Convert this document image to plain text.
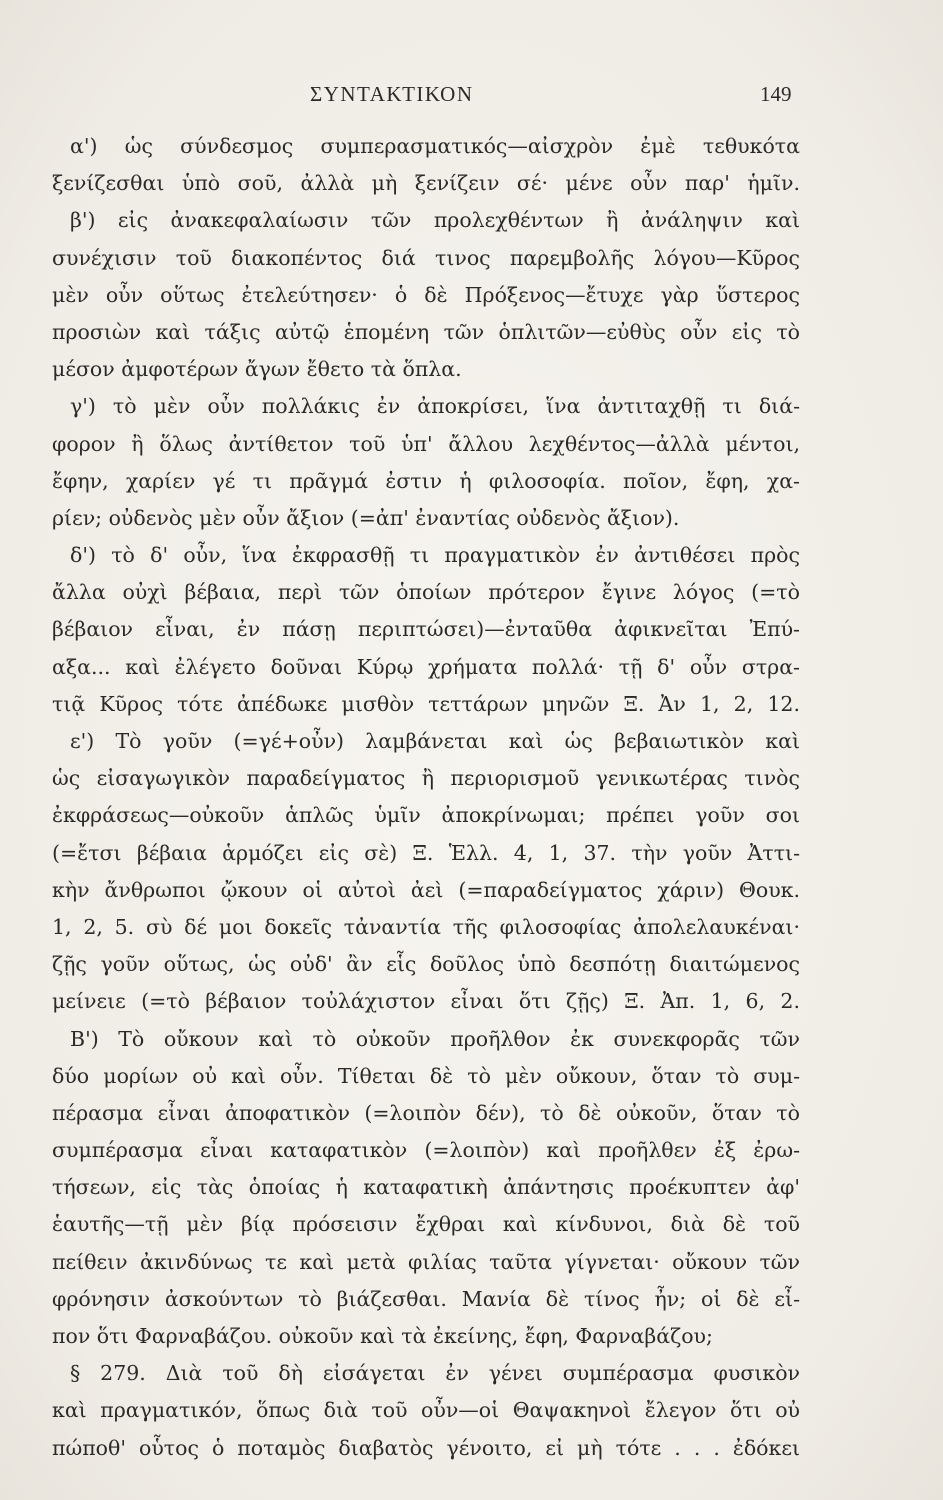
ΣΥΝΤΑΚΤΙΚΟΝ	149
α') ὡς σύνδεσμος συμπερασματικός—αἰσχρὸν ἐμὲ τεθυκότα
ξενίζεσθαι ὑπὸ σοῦ, ἀλλὰ μὴ ξενίζειν σέ· μένε οὖν παρ' ἡμῖν.
β') εἰς ἀνακεφαλαίωσιν τῶν προλεχθέντων ἢ ἀνάληψιν καὶ
συνέχισιν τοῦ διακοπέντος διά τινος παρεμβολῆς λόγου—Κῦρος
μὲν οὖν οὕτως ἐτελεύτησεν· ὁ δὲ Πρόξενος—ἔτυχε γὰρ ὕστερος
προσιὼν καὶ τάξις αὐτῷ ἑπομένη τῶν ὁπλιτῶν—εὐθὺς οὖν εἰς τὸ
μέσον ἀμφοτέρων ἄγων ἔθετο τὰ ὅπλα.
γ') τὸ μὲν οὖν πολλάκις ἐν ἀποκρίσει, ἵνα ἀντιταχθῇ τι διά-
φορον ἢ ὅλως ἀντίθετον τοῦ ὑπ' ἄλλου λεχθέντος—ἀλλὰ μέντοι,
ἔφην, χαρίεν γέ τι πρᾶγμά ἐστιν ἡ φιλοσοφία. ποῖον, ἔφη, χα-
ρίεν; οὐδενὸς μὲν οὖν ἄξιον (=ἀπ' ἐναντίας οὐδενὸς ἄξιον).
δ') τὸ δ' οὖν, ἵνα ἐκφρασθῇ τι πραγματικὸν ἐν ἀντιθέσει πρὸς
ἄλλα οὐχὶ βέβαια, περὶ τῶν ὁποίων πρότερον ἔγινε λόγος (=τὸ
βέβαιον εἶναι, ἐν πάσῃ περιπτώσει)—ἐνταῦθα ἀφικνεῖται Ἐπύ-
αξα... καὶ ἐλέγετο δοῦναι Κύρῳ χρήματα πολλά· τῇ δ' οὖν στρα-
τιᾷ Κῦρος τότε ἀπέδωκε μισθὸν τεττάρων μηνῶν Ξ. Ἀν 1, 2, 12.
ε') Τὸ γοῦν (=γέ+οὖν) λαμβάνεται καὶ ὡς βεβαιωτικὸν καὶ
ὡς εἰσαγωγικὸν παραδείγματος ἢ περιορισμοῦ γενικωτέρας τινὸς
ἐκφράσεως—οὐκοῦν ἁπλῶς ὑμῖν ἀποκρίνωμαι; πρέπει γοῦν σοι
(=ἔτσι βέβαια ἁρμόζει εἰς σὲ) Ξ. Ἑλλ. 4, 1, 37. τὴν γοῦν Ἀττι-
κὴν ἄνθρωποι ᾤκουν οἱ αὐτοὶ ἀεὶ (=παραδείγματος χάριν) Θουκ.
1, 2, 5. σὺ δέ μοι δοκεῖς τἀναντία τῆς φιλοσοφίας ἀπολελαυκέναι·
ζῇς γοῦν οὕτως, ὡς οὐδ' ἂν εἷς δοῦλος ὑπὸ δεσπότῃ διαιτώμενος
μείνειε (=τὸ βέβαιον τοὐλάχιστον εἶναι ὅτι ζῇς) Ξ. Ἀπ. 1, 6, 2.
Β') Τὸ οὔκουν καὶ τὸ οὐκοῦν προῆλθον ἐκ συνεκφορᾶς τῶν
δύο μορίων οὐ καὶ οὖν. Τίθεται δὲ τὸ μὲν οὔκουν, ὅταν τὸ συμ-
πέρασμα εἶναι ἀποφατικὸν (=λοιπὸν δέν), τὸ δὲ οὐκοῦν, ὅταν τὸ
συμπέρασμα εἶναι καταφατικὸν (=λοιπὸν) καὶ προῆλθεν ἐξ ἐρω-
τήσεων, εἰς τὰς ὁποίας ἡ καταφατικὴ ἀπάντησις προέκυπτεν ἀφ'
ἑαυτῆς—τῇ μὲν βίᾳ πρόσεισιν ἔχθραι καὶ κίνδυνοι, διὰ δὲ τοῦ
πείθειν ἀκινδύνως τε καὶ μετὰ φιλίας ταῦτα γίγνεται· οὔκουν τῶν
φρόνησιν ἀσκούντων τὸ βιάζεσθαι. Μανία δὲ τίνος ἦν; οἱ δὲ εἶ-
πον ὅτι Φαρναβάζου. οὐκοῦν καὶ τὰ ἐκείνης, ἔφη, Φαρναβάζου;
§ 279. Διὰ τοῦ δὴ εἰσάγεται ἐν γένει συμπέρασμα φυσικὸν
καὶ πραγματικόν, ὅπως διὰ τοῦ οὖν—οἱ Θαψακηνοὶ ἔλεγον ὅτι οὐ
πώποθ' οὗτος ὁ ποταμὸς διαβατὸς γένοιτο, εἰ μὴ τότε . . . ἐδόκει
